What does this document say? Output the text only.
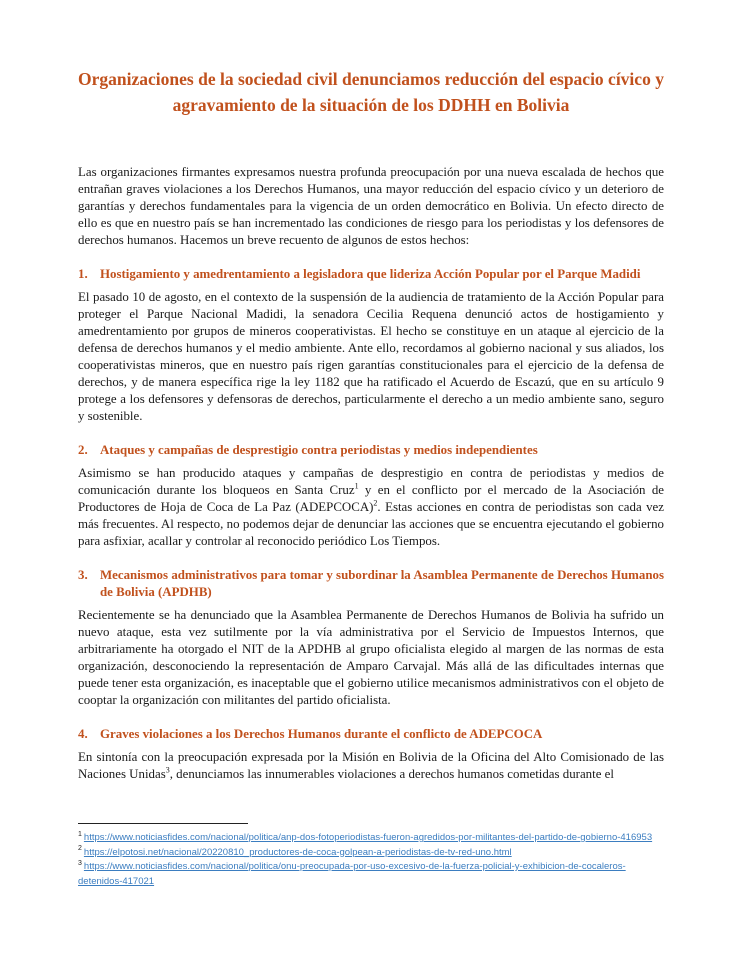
Organizaciones de la sociedad civil denunciamos reducción del espacio cívico y agravamiento de la situación de los DDHH en Bolivia

Las organizaciones firmantes expresamos nuestra profunda preocupación por una nueva escalada de hechos que entrañan graves violaciones a los Derechos Humanos, una mayor reducción del espacio cívico y un deterioro de garantías y derechos fundamentales para la vigencia de un orden democrático en Bolivia. Un efecto directo de ello es que en nuestro país se han incrementado las condiciones de riesgo para los periodistas y los defensores de derechos humanos. Hacemos un breve recuento de algunos de estos hechos:

1. Hostigamiento y amedrentamiento a legisladora que lideriza Acción Popular por el Parque Madidi

El pasado 10 de agosto, en el contexto de la suspensión de la audiencia de tratamiento de la Acción Popular para proteger el Parque Nacional Madidi, la senadora Cecilia Requena denunció actos de hostigamiento y amedrentamiento por grupos de mineros cooperativistas. El hecho se constituye en un ataque al ejercicio de la defensa de derechos humanos y el medio ambiente. Ante ello, recordamos al gobierno nacional y sus aliados, los cooperativistas mineros, que en nuestro país rigen garantías constitucionales para el ejercicio de la defensa de derechos, y de manera específica rige la ley 1182 que ha ratificado el Acuerdo de Escazú, que en su artículo 9 protege a los defensores y defensoras de derechos, particularmente el derecho a un medio ambiente sano, seguro y sostenible.

2. Ataques y campañas de desprestigio contra periodistas y medios independientes

Asimismo se han producido ataques y campañas de desprestigio en contra de periodistas y medios de comunicación durante los bloqueos en Santa Cruz$^1$ y en el conflicto por el mercado de la Asociación de Productores de Hoja de Coca de La Paz (ADEPCOCA)$^2$. Estas acciones en contra de periodistas son cada vez más frecuentes. Al respecto, no podemos dejar de denunciar las acciones que se encuentra ejecutando el gobierno para asfixiar, acallar y controlar al reconocido periódico Los Tiempos.

3. Mecanismos administrativos para tomar y subordinar la Asamblea Permanente de Derechos Humanos de Bolivia (APDHB)

Recientemente se ha denunciado que la Asamblea Permanente de Derechos Humanos de Bolivia ha sufrido un nuevo ataque, esta vez sutilmente por la vía administrativa por el Servicio de Impuestos Internos, que arbitrariamente ha otorgado el NIT de la APDHB al grupo oficialista elegido al margen de las normas de esta organización, desconociendo la representación de Amparo Carvajal. Más allá de las dificultades internas que puede tener esta organización, es inaceptable que el gobierno utilice mecanismos administrativos con el objeto de cooptar la organización con militantes del partido oficialista.

4. Graves violaciones a los Derechos Humanos durante el conflicto de ADEPCOCA

En sintonía con la preocupación expresada por la Misión en Bolivia de la Oficina del Alto Comisionado de las Naciones Unidas$^3$, denunciamos las innumerables violaciones a derechos humanos cometidas durante el

$^1$ https://www.noticiasfides.com/nacional/politica/anp-dos-fotoperiodistas-fueron-agredidos-por-militantes-del-partido-de-gobierno-416953
$^2$ https://elpotosi.net/nacional/20220810_productores-de-coca-golpean-a-periodistas-de-tv-red-uno.html
$^3$ https://www.noticiasfides.com/nacional/politica/onu-preocupada-por-uso-excesivo-de-la-fuerza-policial-y-exhibicion-de-cocaleros-detenidos-417021
